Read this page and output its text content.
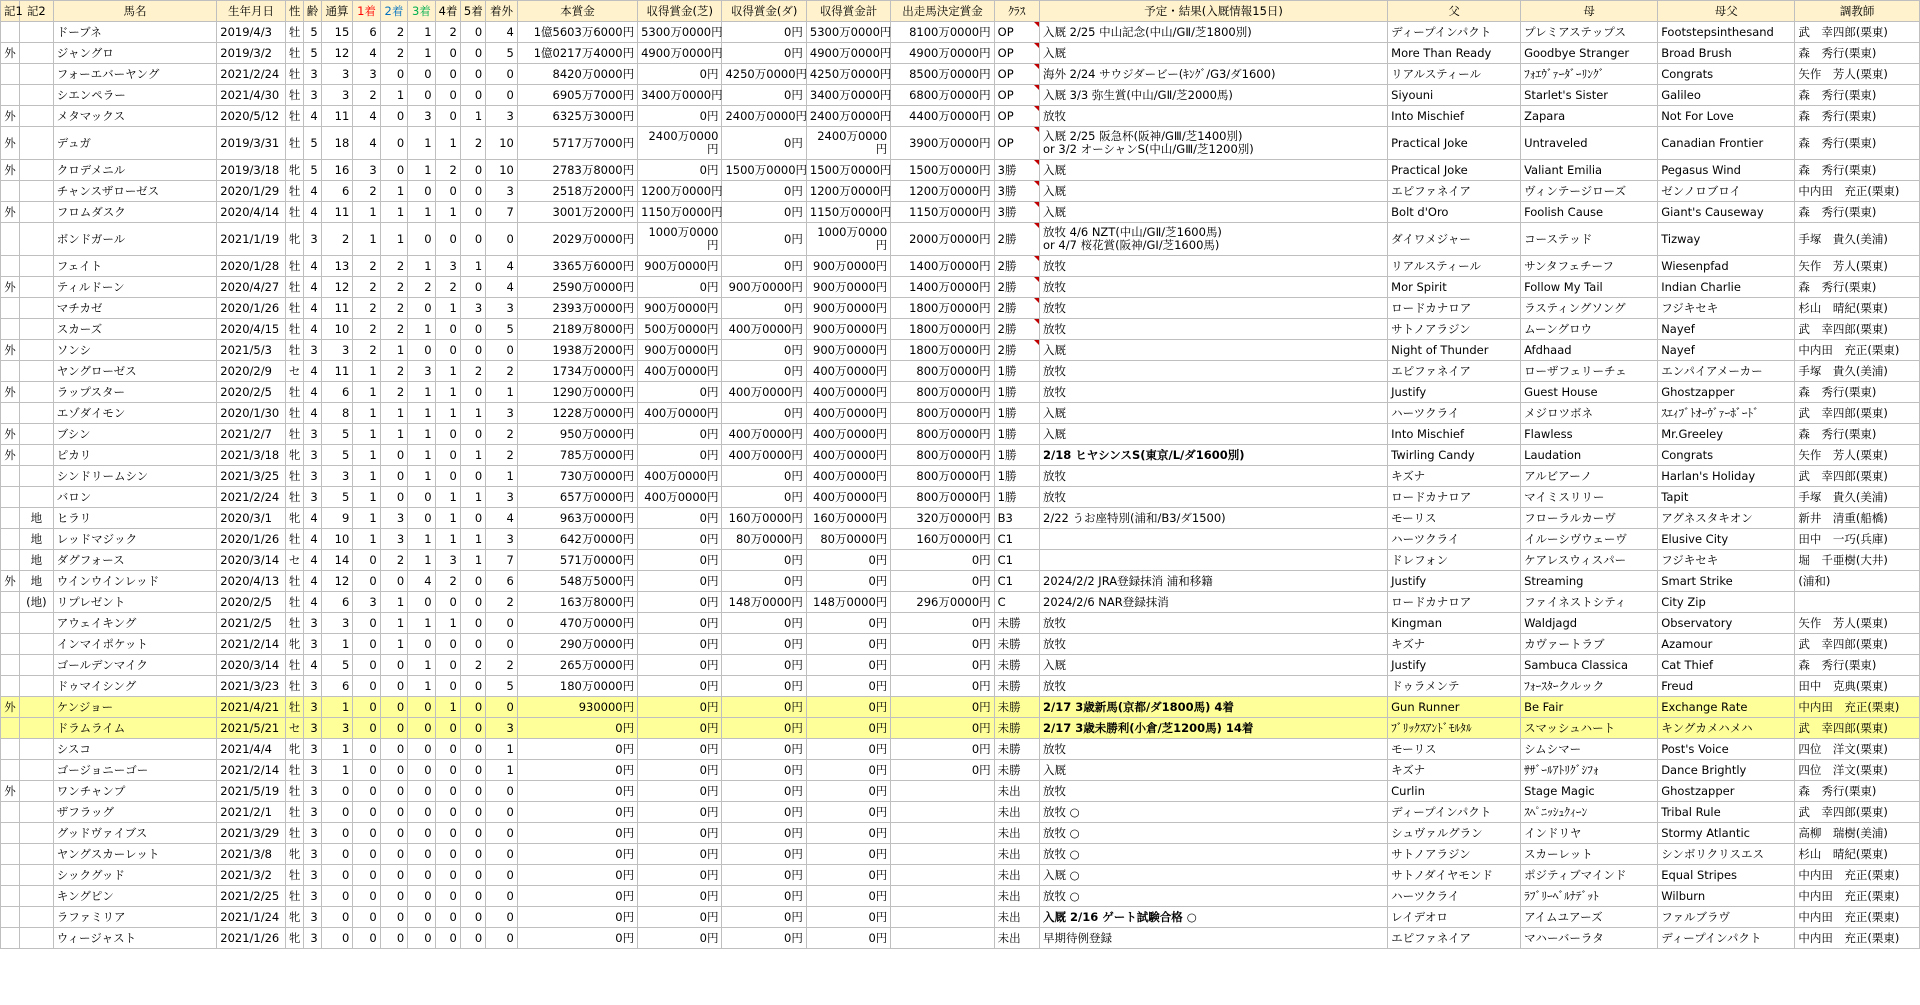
記1	記2	馬名	生年月日	性	齢	通算	1着	2着	3着	4着	5着	着外	本賞金	収得賞金(芝)	収得賞金(ダ)	収得賞金計	出走馬決定賞金	ｸﾗｽ	予定・結果(入厩情報15日)	父	母	母父	調教師
		ドーブネ	2019/4/3	牡	5	15	6	2	1	2	0	4	1億5603万6000円	5300万0000円	0円	5300万0000円	8100万0000円	OP	入厩 2/25 中山記念(中山/GⅡ/芝1800別)	ディープインパクト	プレミアステップス	Footstepsinthesand	武　幸四郎(栗東)
外		ジャングロ	2019/3/2	牡	5	12	4	2	1	0	0	5	1億0217万4000円	4900万0000円	0円	4900万0000円	4900万0000円	OP	入厩	More Than Ready	Goodbye Stranger	Broad Brush	森　秀行(栗東)
		フォーエバーヤング	2021/2/24	牡	3	3	3	0	0	0	0	0	8420万0000円	0円	4250万0000円	4250万0000円	8500万0000円	OP	海外 2/24 サウジダービー(ｷﾝｸﾞ/G3/ダ1600)	リアルスティール	ﾌｫｴｳﾞｧｰﾀﾞｰﾘﾝｸﾞ	Congrats	矢作　芳人(栗東)
		シエンペラー	2021/4/30	牡	3	3	2	1	0	0	0	0	6905万7000円	3400万0000円	0円	3400万0000円	6800万0000円	OP	入厩 3/3 弥生賞(中山/GⅡ/芝2000馬)	Siyouni	Starlet's Sister	Galileo	森　秀行(栗東)
外		メタマックス	2020/5/12	牡	4	11	4	0	3	0	1	3	6325万3000円	0円	2400万0000円	2400万0000円	4400万0000円	OP	放牧	Into Mischief	Zapara	Not For Love	森　秀行(栗東)
外		デュガ	2019/3/31	牡	5	18	4	0	1	1	2	10	5717万7000円	2400万0000円	0円	2400万0000円	3900万0000円	OP	入厩 2/25 阪急杯(阪神/GⅢ/芝1400別)
or 3/2 オーシャンS(中山/GⅢ/芝1200別)	Practical Joke	Untraveled	Canadian Frontier	森　秀行(栗東)
外		クロデメニル	2019/3/18	牝	5	16	3	0	1	2	0	10	2783万8000円	0円	1500万0000円	1500万0000円	1500万0000円	3勝	入厩	Practical Joke	Valiant Emilia	Pegasus Wind	森　秀行(栗東)
		チャンスザローゼス	2020/1/29	牡	4	6	2	1	0	0	0	3	2518万2000円	1200万0000円	0円	1200万0000円	1200万0000円	3勝	入厩	エピファネイア	ヴィンテージローズ	ゼンノロブロイ	中内田　充正(栗東)
外		フロムダスク	2020/4/14	牡	4	11	1	1	1	1	0	7	3001万2000円	1150万0000円	0円	1150万0000円	1150万0000円	3勝	入厩	Bolt d'Oro	Foolish Cause	Giant's Causeway	森　秀行(栗東)
		ボンドガール	2021/1/19	牝	3	2	1	1	0	0	0	0	2029万0000円	1000万0000円	0円	1000万0000円	2000万0000円	2勝	放牧 4/6 NZT(中山/GⅡ/芝1600馬)
or 4/7 桜花賞(阪神/GⅠ/芝1600馬)	ダイワメジャー	コーステッド	Tizway	手塚　貴久(美浦)
		フェイト	2020/1/28	牡	4	13	2	2	1	3	1	4	3365万6000円	900万0000円	0円	900万0000円	1400万0000円	2勝	放牧	リアルスティール	サンタフェチーフ	Wiesenpfad	矢作　芳人(栗東)
外		ティルドーン	2020/4/27	牡	4	12	2	2	2	2	0	4	2590万0000円	0円	900万0000円	900万0000円	1400万0000円	2勝	放牧	Mor Spirit	Follow My Tail	Indian Charlie	森　秀行(栗東)
		マチカゼ	2020/1/26	牡	4	11	2	2	0	1	3	3	2393万0000円	900万0000円	0円	900万0000円	1800万0000円	2勝	放牧	ロードカナロア	ラスティングソング	フジキセキ	杉山　晴紀(栗東)
		スカーズ	2020/4/15	牡	4	10	2	2	1	0	0	5	2189万8000円	500万0000円	400万0000円	900万0000円	1800万0000円	2勝	放牧	サトノアラジン	ムーングロウ	Nayef	武　幸四郎(栗東)
外		ソンシ	2021/5/3	牡	3	3	2	1	0	0	0	0	1938万2000円	900万0000円	0円	900万0000円	1800万0000円	2勝	入厩	Night of Thunder	Afdhaad	Nayef	中内田　充正(栗東)
		ヤングローゼス	2020/2/9	セ	4	11	1	2	3	1	2	2	1734万0000円	400万0000円	0円	400万0000円	800万0000円	1勝	放牧	エピファネイア	ローザフェリーチェ	エンパイアメーカー	手塚　貴久(美浦)
外		ラップスター	2020/2/5	牡	4	6	1	2	1	1	0	1	1290万0000円	0円	400万0000円	400万0000円	800万0000円	1勝	放牧	Justify	Guest House	Ghostzapper	森　秀行(栗東)
		エゾダイモン	2020/1/30	牡	4	8	1	1	1	1	1	3	1228万0000円	400万0000円	0円	400万0000円	800万0000円	1勝	入厩	ハーツクライ	メジロツボネ	ｽｴｨﾌﾞﾄｵｰｳﾞｧｰﾎﾞｰﾄﾞ	武　幸四郎(栗東)
外		ブシン	2021/2/7	牡	3	5	1	1	1	0	0	2	950万0000円	0円	400万0000円	400万0000円	800万0000円	1勝	入厩	Into Mischief	Flawless	Mr.Greeley	森　秀行(栗東)
外		ピカリ	2021/3/18	牝	3	5	1	0	1	0	1	2	785万0000円	0円	400万0000円	400万0000円	800万0000円	1勝	2/18 ヒヤシンスS(東京/L/ダ1600別)	Twirling Candy	Laudation	Congrats	矢作　芳人(栗東)
		シンドリームシン	2021/3/25	牡	3	3	1	0	1	0	0	1	730万0000円	400万0000円	0円	400万0000円	800万0000円	1勝	放牧	キズナ	アルビアーノ	Harlan's Holiday	武　幸四郎(栗東)
		バロン	2021/2/24	牡	3	5	1	0	0	1	1	3	657万0000円	400万0000円	0円	400万0000円	800万0000円	1勝	放牧	ロードカナロア	マイミスリリー	Tapit	手塚　貴久(美浦)
	地	ヒラリ	2020/3/1	牝	4	9	1	3	0	1	0	4	963万0000円	0円	160万0000円	160万0000円	320万0000円	B3	2/22 うお座特別(浦和/B3/ダ1500)	モーリス	フローラルカーヴ	アグネスタキオン	新井　清重(船橋)
	地	レッドマジック	2020/1/26	牡	4	10	1	3	1	1	1	3	642万0000円	0円	80万0000円	80万0000円	160万0000円	C1		ハーツクライ	イルーシヴウェーヴ	Elusive City	田中　一巧(兵庫)
	地	ダグフォース	2020/3/14	セ	4	14	0	2	1	3	1	7	571万0000円	0円	0円	0円	0円	C1		ドレフォン	ケアレスウィスパー	フジキセキ	堀　千亜樹(大井)
外	地	ウインウインレッド	2020/4/13	牡	4	12	0	0	4	2	0	6	548万5000円	0円	0円	0円	0円	C1	2024/2/2 JRA登録抹消 浦和移籍	Justify	Streaming	Smart Strike	(浦和)
	(地)	リプレゼント	2020/2/5	牡	4	6	3	1	0	0	0	2	163万8000円	0円	148万0000円	148万0000円	296万0000円	C	2024/2/6 NAR登録抹消	ロードカナロア	ファイネストシティ	City Zip	
		アウェイキング	2021/2/5	牡	3	3	0	1	1	1	0	0	470万0000円	0円	0円	0円	0円	未勝	放牧	Kingman	Waldjagd	Observatory	矢作　芳人(栗東)
		インマイポケット	2021/2/14	牝	3	1	0	1	0	0	0	0	290万0000円	0円	0円	0円	0円	未勝	放牧	キズナ	カヴァートラブ	Azamour	武　幸四郎(栗東)
		ゴールデンマイク	2020/3/14	牡	4	5	0	0	1	0	2	2	265万0000円	0円	0円	0円	0円	未勝	入厩	Justify	Sambuca Classica	Cat Thief	森　秀行(栗東)
		ドゥマイシング	2021/3/23	牡	3	6	0	0	1	0	0	5	180万0000円	0円	0円	0円	0円	未勝	放牧	ドゥラメンテ	ﾌｫｰｽﾀｰクルック	Freud	田中　克典(栗東)
外		ケンジョー	2021/4/21	牡	3	1	0	0	0	1	0	0	930000円	0円	0円	0円	0円	未勝	2/17 3歳新馬(京都/ダ1800馬) 4着	Gun Runner	Be Fair	Exchange Rate	中内田　充正(栗東)
		ドラムライム	2021/5/21	セ	3	3	0	0	0	0	0	3	0円	0円	0円	0円	0円	未勝	2/17 3歳未勝利(小倉/芝1200馬) 14着	ﾌﾞﾘｯｸｽｱﾝﾄﾞﾓﾙﾀﾙ	スマッシュハート	キングカメハメハ	武　幸四郎(栗東)
		シスコ	2021/4/4	牝	3	1	0	0	0	0	0	1	0円	0円	0円	0円	0円	未勝	放牧	モーリス	シムシマー	Post's Voice	四位　洋文(栗東)
		ゴージョニーゴー	2021/2/14	牡	3	1	0	0	0	0	0	1	0円	0円	0円	0円	0円	未勝	入厩	キズナ	ｻｻﾞｰﾙｱﾄﾘｸﾞｼﾌｫ	Dance Brightly	四位　洋文(栗東)
外		ワンチャンプ	2021/5/19	牡	3	0	0	0	0	0	0	0	0円	0円	0円	0円		未出	放牧	Curlin	Stage Magic	Ghostzapper	森　秀行(栗東)
		ザフラッグ	2021/2/1	牡	3	0	0	0	0	0	0	0	0円	0円	0円	0円		未出	放牧 ○	ディープインパクト	ｽﾍﾟﾆｯｼｭｸｨｰﾝ	Tribal Rule	武　幸四郎(栗東)
		グッドヴァイブス	2021/3/29	牡	3	0	0	0	0	0	0	0	0円	0円	0円	0円		未出	放牧 ○	シュヴァルグラン	インドリヤ	Stormy Atlantic	高柳　瑞樹(美浦)
		ヤングスカーレット	2021/3/8	牝	3	0	0	0	0	0	0	0	0円	0円	0円	0円		未出	放牧 ○	サトノアラジン	スカーレット	シンボリクリスエス	杉山　晴紀(栗東)
		シックグッド	2021/3/2	牡	3	0	0	0	0	0	0	0	0円	0円	0円	0円		未出	入厩 ○	サトノダイヤモンド	ポジティブマインド	Equal Stripes	中内田　充正(栗東)
		キングピン	2021/2/25	牡	3	0	0	0	0	0	0	0	0円	0円	0円	0円		未出	放牧 ○	ハーツクライ	ﾗﾌﾞﾘｰﾍﾞﾙﾅﾃﾞｯﾄ	Wilburn	中内田　充正(栗東)
		ラファミリア	2021/1/24	牝	3	0	0	0	0	0	0	0	0円	0円	0円	0円		未出	入厩 2/16 ゲート試験合格 ○	レイデオロ	アイムユアーズ	ファルブラヴ	中内田　充正(栗東)
		ウィージャスト	2021/1/26	牝	3	0	0	0	0	0	0	0	0円	0円	0円	0円		未出	早期待例登録	エピファネイア	マハーバーラタ	ディープインパクト	中内田　充正(栗東)
